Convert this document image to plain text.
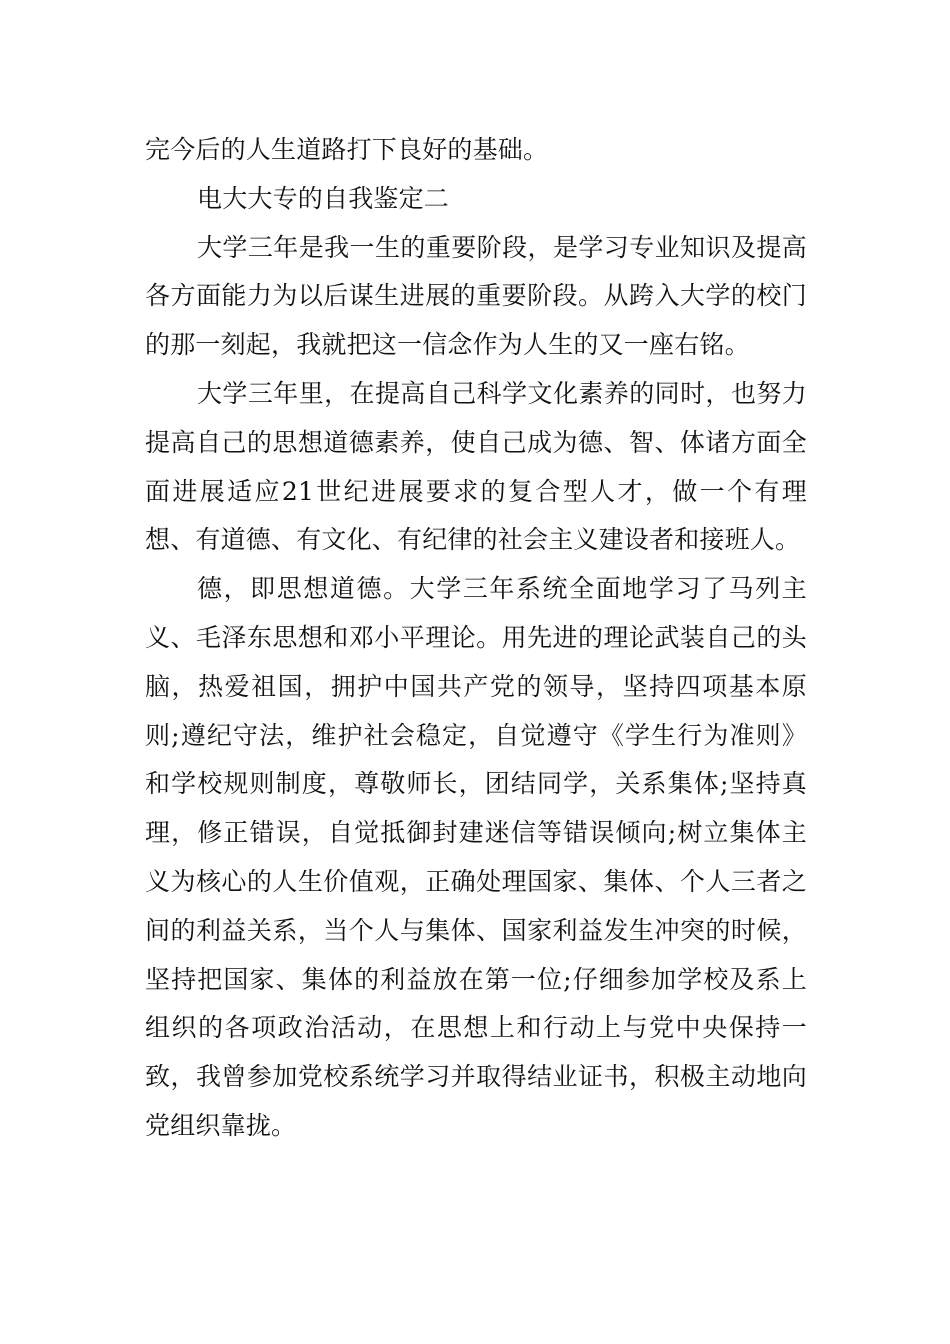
完今后的人生道路打下良好的基础。

电大大专的自我鉴定二

大学三年是我一生的重要阶段，是学习专业知识及提高各方面能力为以后谋生进展的重要阶段。从跨入大学的校门的那一刻起，我就把这一信念作为人生的又一座右铭。

大学三年里，在提高自己科学文化素养的同时，也努力提高自己的思想道德素养，使自己成为德、智、体诸方面全面进展适应21世纪进展要求的复合型人才，做一个有理想、有道德、有文化、有纪律的社会主义建设者和接班人。

德，即思想道德。大学三年系统全面地学习了马列主义、毛泽东思想和邓小平理论。用先进的理论武装自己的头脑，热爱祖国，拥护中国共产党的领导，坚持四项基本原则;遵纪守法，维护社会稳定，自觉遵守《学生行为准则》和学校规则制度，尊敬师长，团结同学，关系集体;坚持真理，修正错误，自觉抵御封建迷信等错误倾向;树立集体主义为核心的人生价值观，正确处理国家、集体、个人三者之间的利益关系，当个人与集体、国家利益发生冲突的时候，坚持把国家、集体的利益放在第一位;仔细参加学校及系上组织的各项政治活动，在思想上和行动上与党中央保持一致，我曾参加党校系统学习并取得结业证书，积极主动地向党组织靠拢。
